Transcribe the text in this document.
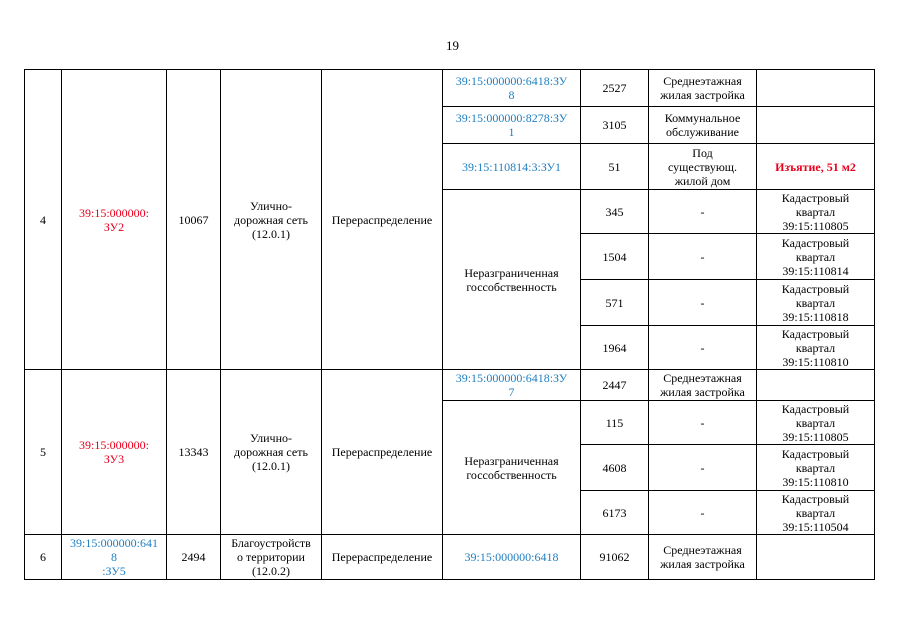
19
4	39:15:000000:
ЗУ2	10067	Улично-
дорожная сеть
(12.0.1)	Перераспределение	39:15:000000:6418:ЗУ
8	2527	Среднеэтажная
жилая застройка	
					39:15:000000:8278:ЗУ
1	3105	Коммунальное
обслуживание	
					39:15:110814:3:ЗУ1	51	Под
существующ.
жилой дом	Изъятие, 51 м2
					Неразграниченная
госсобственность	345	-	Кадастровый
квартал
39:15:110805
						1504	-	Кадастровый
квартал
39:15:110814
						571	-	Кадастровый
квартал
39:15:110818
						1964	-	Кадастровый
квартал
39:15:110810
5	39:15:000000:
ЗУ3	13343	Улично-
дорожная сеть
(12.0.1)	Перераспределение	39:15:000000:6418:ЗУ
7	2447	Среднеэтажная
жилая застройка	
					Неразграниченная
госсобственность	115	-	Кадастровый
квартал
39:15:110805
						4608	-	Кадастровый
квартал
39:15:110810
						6173	-	Кадастровый
квартал
39:15:110504
6	39:15:000000:641
8
:ЗУ5	2494	Благоустройств
о территории
(12.0.2)	Перераспределение	39:15:000000:6418	91062	Среднеэтажная
жилая застройка	
